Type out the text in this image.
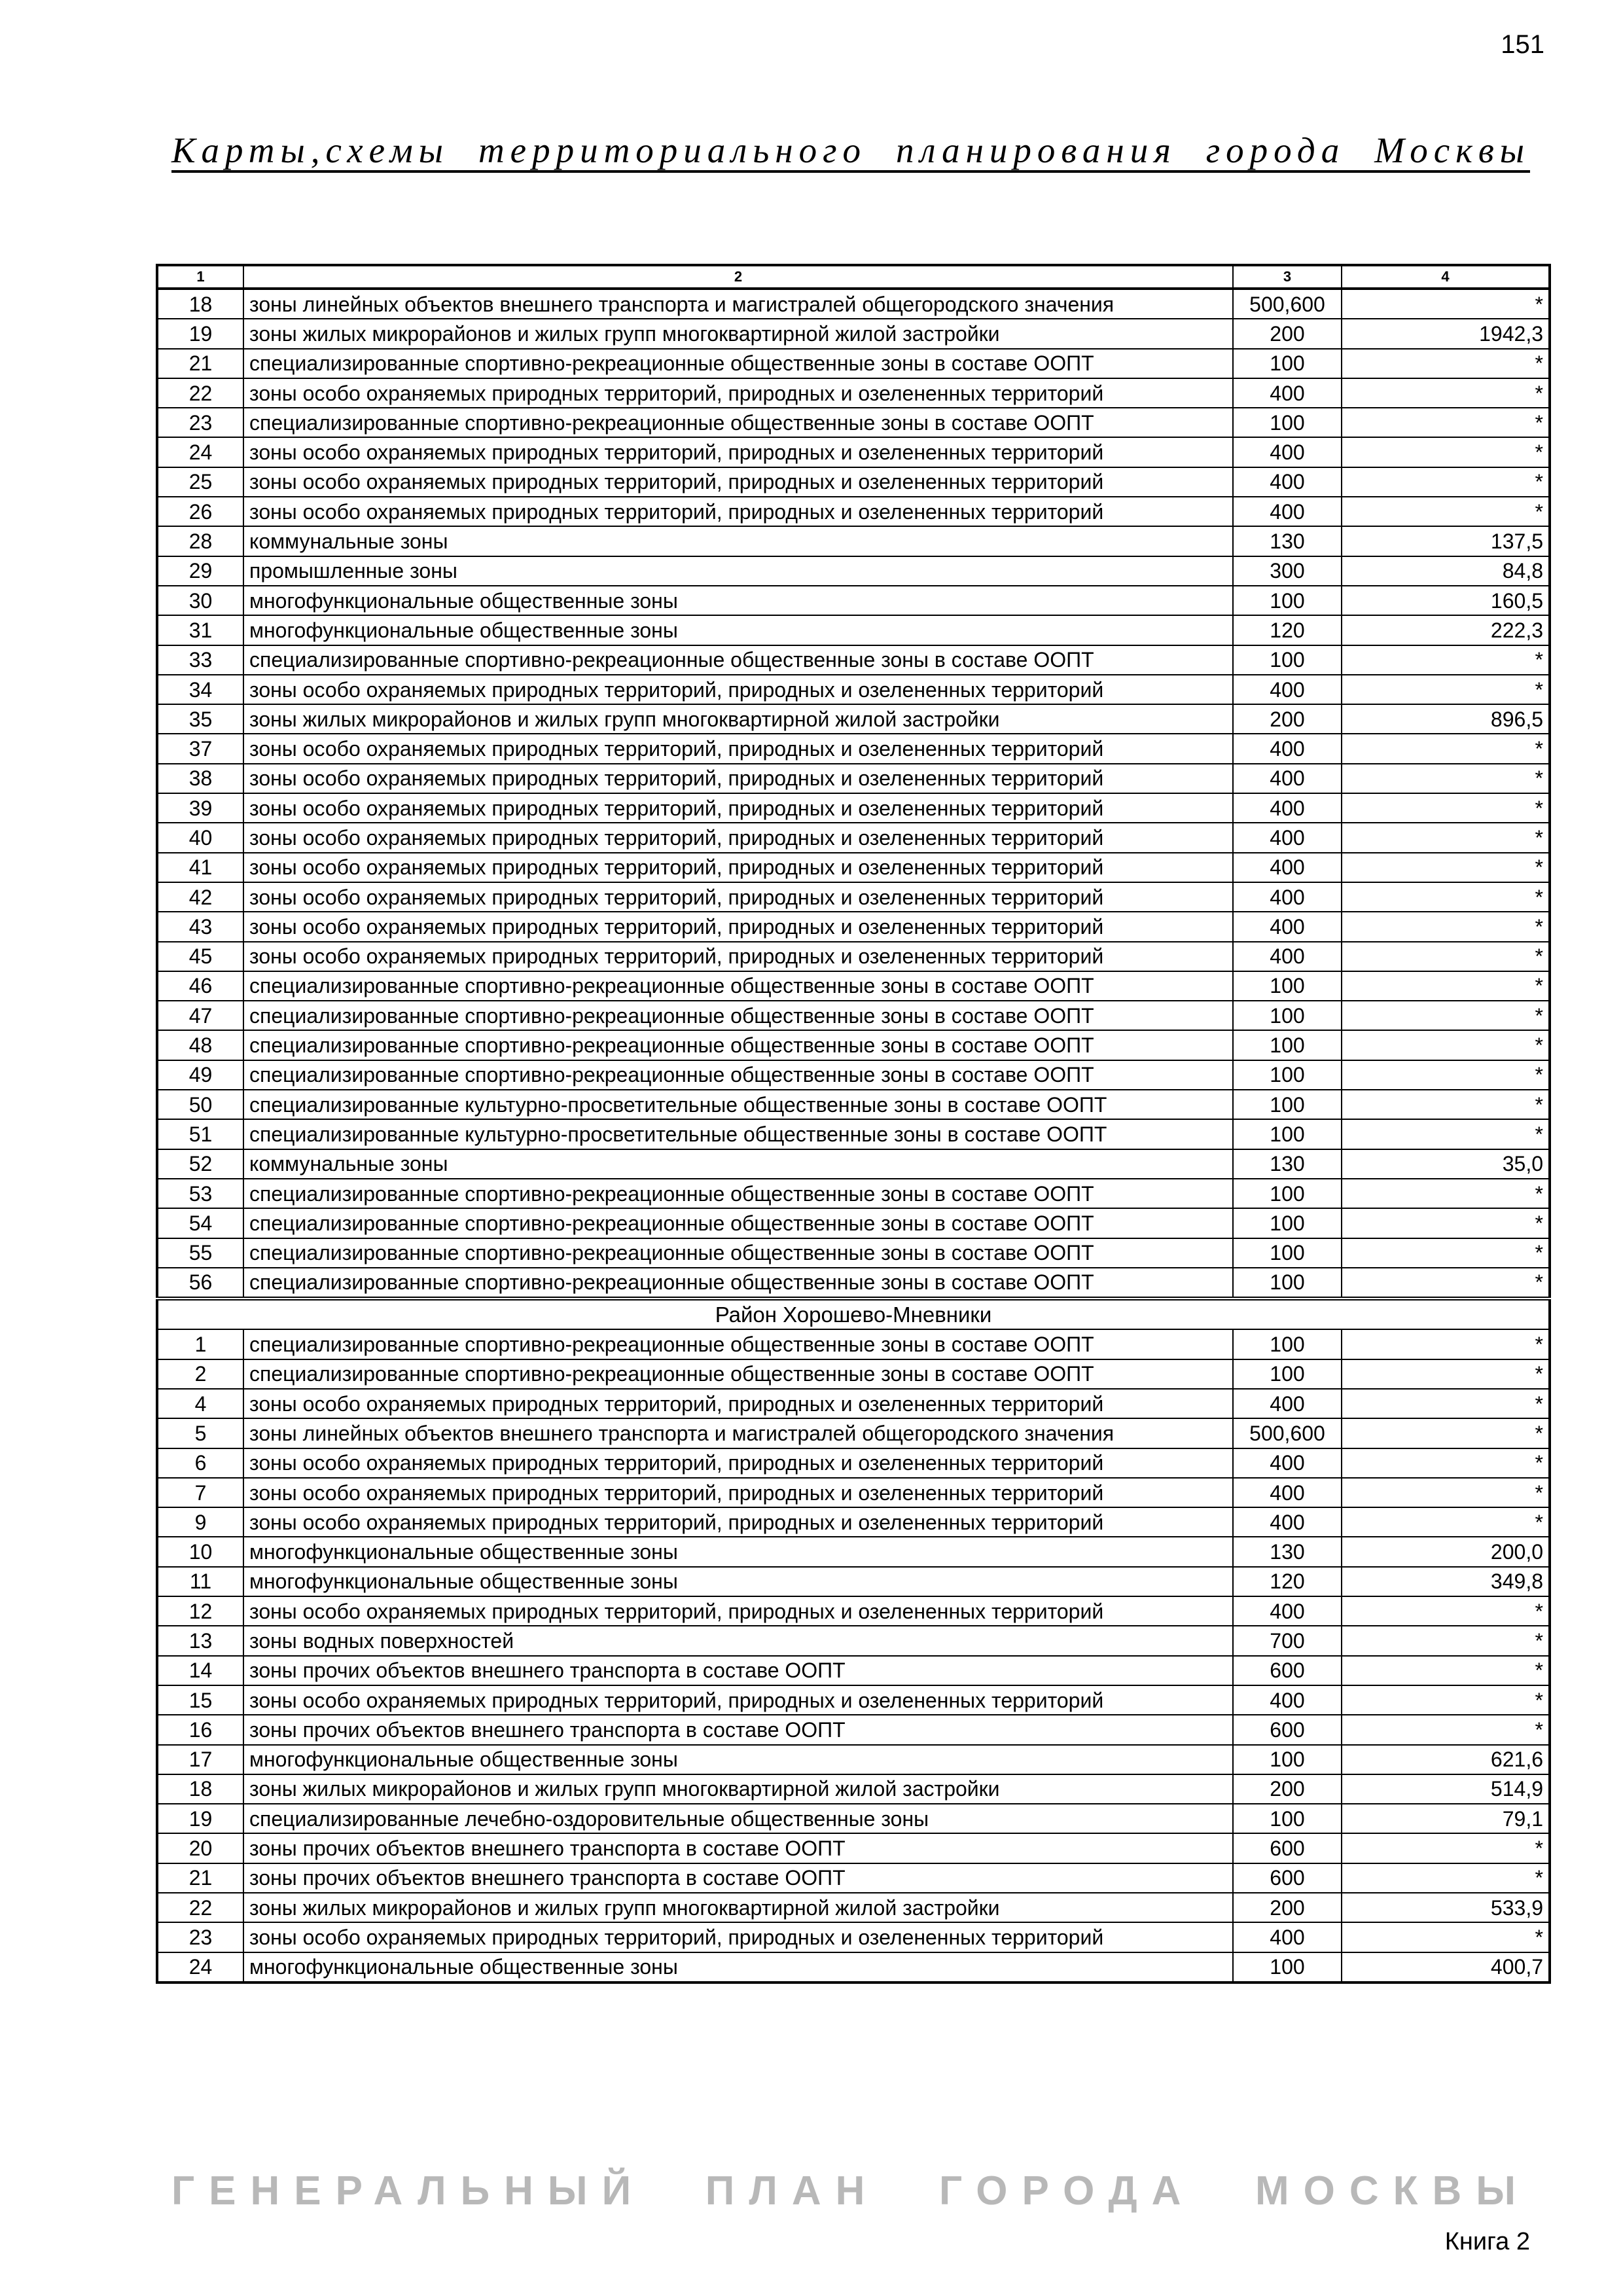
151
Карты,схемы территориального планирования города Москвы
1	2	3	4
18	зоны линейных объектов внешнего транспорта и магистралей общегородского значения	500,600	*
19	зоны жилых микрорайонов и жилых групп многоквартирной жилой застройки	200	1942,3
21	специализированные спортивно-рекреационные общественные зоны в составе ООПТ	100	*
22	зоны особо охраняемых природных территорий, природных и озелененных территорий	400	*
23	специализированные спортивно-рекреационные общественные зоны в составе ООПТ	100	*
24	зоны особо охраняемых природных территорий, природных и озелененных территорий	400	*
25	зоны особо охраняемых природных территорий, природных и озелененных территорий	400	*
26	зоны особо охраняемых природных территорий, природных и озелененных территорий	400	*
28	коммунальные зоны	130	137,5
29	промышленные зоны	300	84,8
30	многофункциональные общественные зоны	100	160,5
31	многофункциональные общественные зоны	120	222,3
33	специализированные спортивно-рекреационные общественные зоны в составе ООПТ	100	*
34	зоны особо охраняемых природных территорий, природных и озелененных территорий	400	*
35	зоны жилых микрорайонов и жилых групп многоквартирной жилой застройки	200	896,5
37	зоны особо охраняемых природных территорий, природных и озелененных территорий	400	*
38	зоны особо охраняемых природных территорий, природных и озелененных территорий	400	*
39	зоны особо охраняемых природных территорий, природных и озелененных территорий	400	*
40	зоны особо охраняемых природных территорий, природных и озелененных территорий	400	*
41	зоны особо охраняемых природных территорий, природных и озелененных территорий	400	*
42	зоны особо охраняемых природных территорий, природных и озелененных территорий	400	*
43	зоны особо охраняемых природных территорий, природных и озелененных территорий	400	*
45	зоны особо охраняемых природных территорий, природных и озелененных территорий	400	*
46	специализированные спортивно-рекреационные общественные зоны в составе ООПТ	100	*
47	специализированные спортивно-рекреационные общественные зоны в составе ООПТ	100	*
48	специализированные спортивно-рекреационные общественные зоны в составе ООПТ	100	*
49	специализированные спортивно-рекреационные общественные зоны в составе ООПТ	100	*
50	специализированные культурно-просветительные общественные зоны в составе ООПТ	100	*
51	специализированные культурно-просветительные общественные зоны в составе ООПТ	100	*
52	коммунальные зоны	130	35,0
53	специализированные спортивно-рекреационные общественные зоны в составе ООПТ	100	*
54	специализированные спортивно-рекреационные общественные зоны в составе ООПТ	100	*
55	специализированные спортивно-рекреационные общественные зоны в составе ООПТ	100	*
56	специализированные спортивно-рекреационные общественные зоны в составе ООПТ	100	*
Район Хорошево-Мневники			
1	специализированные спортивно-рекреационные общественные зоны в составе ООПТ	100	*
2	специализированные спортивно-рекреационные общественные зоны в составе ООПТ	100	*
4	зоны особо охраняемых природных территорий, природных и озелененных территорий	400	*
5	зоны линейных объектов внешнего транспорта и магистралей общегородского значения	500,600	*
6	зоны особо охраняемых природных территорий, природных и озелененных территорий	400	*
7	зоны особо охраняемых природных территорий, природных и озелененных территорий	400	*
9	зоны особо охраняемых природных территорий, природных и озелененных территорий	400	*
10	многофункциональные общественные зоны	130	200,0
11	многофункциональные общественные зоны	120	349,8
12	зоны особо охраняемых природных территорий, природных и озелененных территорий	400	*
13	зоны водных поверхностей	700	*
14	зоны прочих объектов внешнего транспорта в составе ООПТ	600	*
15	зоны особо охраняемых природных территорий, природных и озелененных территорий	400	*
16	зоны прочих объектов внешнего транспорта в составе ООПТ	600	*
17	многофункциональные общественные зоны	100	621,6
18	зоны жилых микрорайонов и жилых групп многоквартирной жилой застройки	200	514,9
19	специализированные лечебно-оздоровительные общественные зоны	100	79,1
20	зоны прочих объектов внешнего транспорта в составе ООПТ	600	*
21	зоны прочих объектов внешнего транспорта в составе ООПТ	600	*
22	зоны жилых микрорайонов и жилых групп многоквартирной жилой застройки	200	533,9
23	зоны особо охраняемых природных территорий, природных и озелененных территорий	400	*
24	многофункциональные общественные зоны	100	400,7
ГЕНЕРАЛЬНЫЙ ПЛАН ГОРОДА МОСКВЫ
Книга 2
